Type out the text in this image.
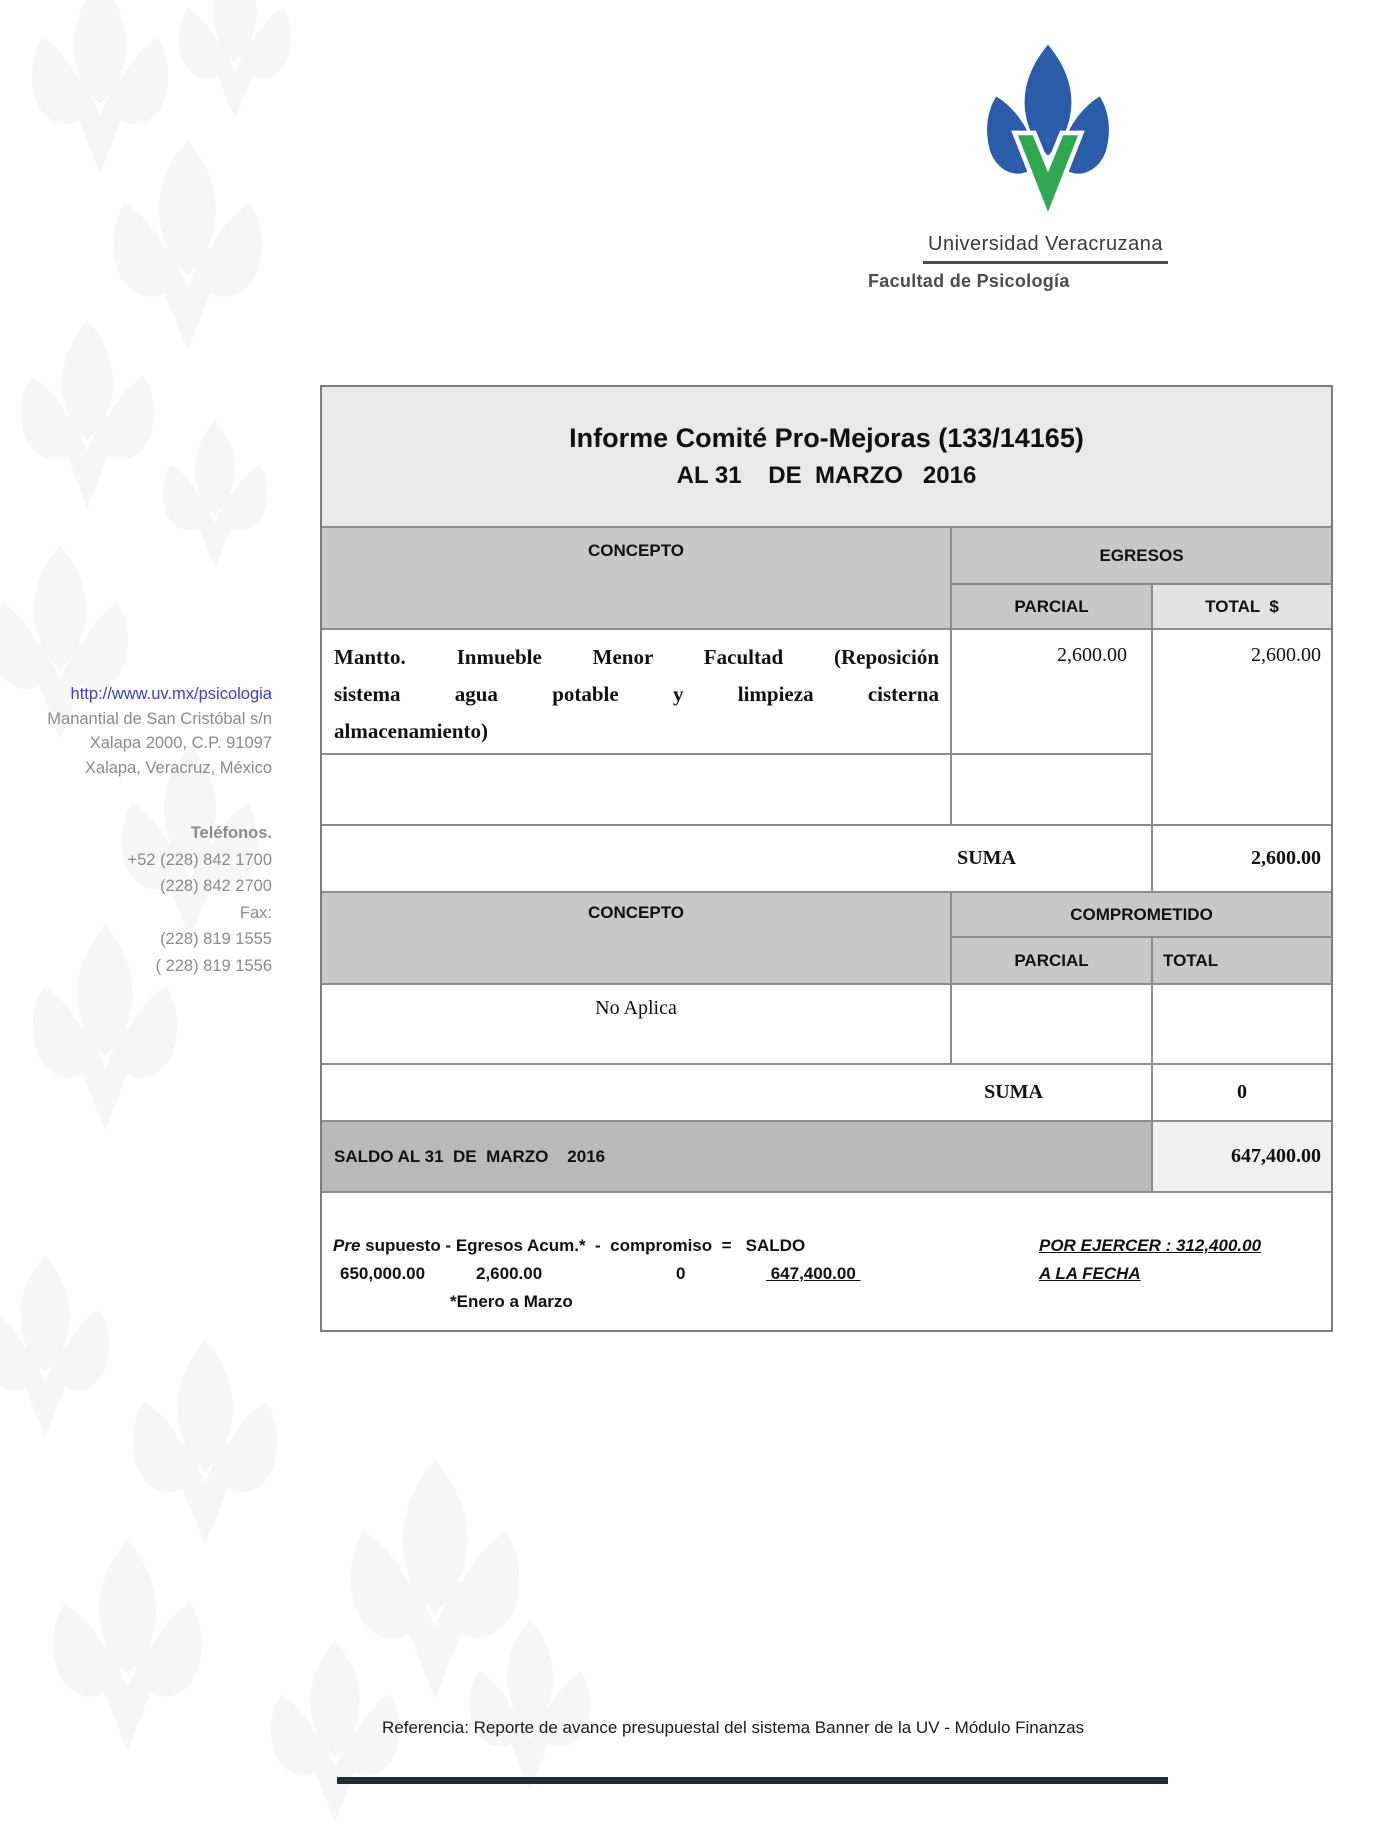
Universidad Veracruzana
Facultad de Psicología
http://www.uv.mx/psicologia
Manantial de San Cristóbal s/n
Xalapa 2000, C.P. 91097
Xalapa, Veracruz, México
Teléfonos.
+52 (228) 842 1700
(228) 842 2700
Fax:
(228) 819 1555
( 228) 819 1556
Informe Comité Pro-Mejoras (133/14165)
AL 31    DE  MARZO   2016
CONCEPTO	EGRESOS
PARCIAL	TOTAL  $
Mantto. Inmueble Menor Facultad (Reposición
sistema agua potable y limpieza cisterna
almacenamiento)
2,600.00	2,600.00
SUMA	2,600.00
CONCEPTO	COMPROMETIDO
PARCIAL	TOTAL
No Aplica
SUMA	0
SALDO AL 31  DE  MARZO    2016	647,400.00
Pre supuesto - Egresos Acum.*  -  compromiso  =   SALDO	POR EJERCER : 312,400.00
650,000.00	2,600.00	0	647,400.00	A LA FECHA
*Enero a Marzo
Referencia: Reporte de avance presupuestal del sistema Banner de la UV - Módulo Finanzas
